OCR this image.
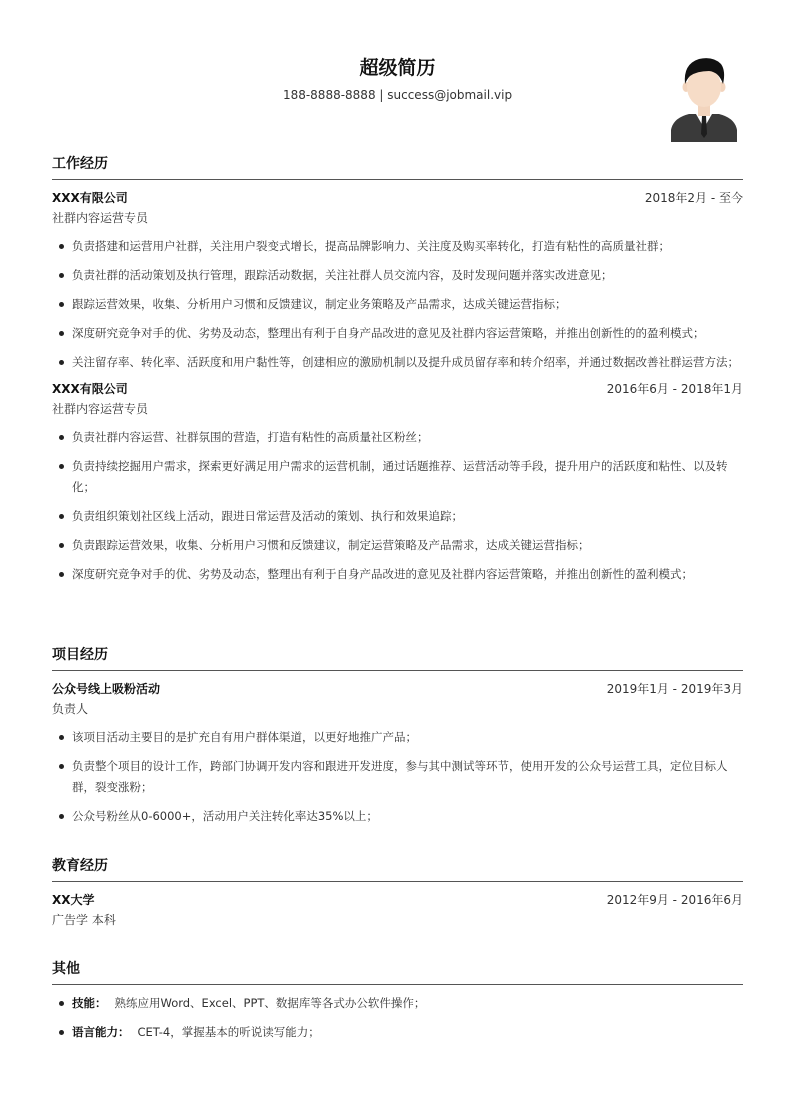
超级简历
188-8888-8888 | success@jobmail.vip
工作经历
XXX有限公司	2018年2月 - 至今
社群内容运营专员
负责搭建和运营用户社群，关注用户裂变式增长，提高品牌影响力、关注度及购买率转化，打造有粘性的高质量社群；
负责社群的活动策划及执行管理，跟踪活动数据，关注社群人员交流内容，及时发现问题并落实改进意见；
跟踪运营效果，收集、分析用户习惯和反馈建议，制定业务策略及产品需求，达成关键运营指标；
深度研究竞争对手的优、劣势及动态，整理出有利于自身产品改进的意见及社群内容运营策略，并推出创新性的的盈利模式；
关注留存率、转化率、活跃度和用户黏性等，创建相应的激励机制以及提升成员留存率和转介绍率，并通过数据改善社群运营方法；
XXX有限公司	2016年6月 - 2018年1月
社群内容运营专员
负责社群内容运营、社群氛围的营造，打造有粘性的高质量社区粉丝；
负责持续挖掘用户需求，探索更好满足用户需求的运营机制，通过话题推荐、运营活动等手段，提升用户的活跃度和粘性、以及转化；
负责组织策划社区线上活动，跟进日常运营及活动的策划、执行和效果追踪；
负责跟踪运营效果，收集、分析用户习惯和反馈建议，制定运营策略及产品需求，达成关键运营指标；
深度研究竞争对手的优、劣势及动态，整理出有利于自身产品改进的意见及社群内容运营策略，并推出创新性的盈利模式；
项目经历
公众号线上吸粉活动	2019年1月 - 2019年3月
负责人
该项目活动主要目的是扩充自有用户群体渠道，以更好地推广产品；
负责整个项目的设计工作，跨部门协调开发内容和跟进开发进度，参与其中测试等环节，使用开发的公众号运营工具，定位目标人群，裂变涨粉；
公众号粉丝从0-6000+，活动用户关注转化率达35%以上；
教育经历
XX大学	2012年9月 - 2016年6月
广告学 本科
其他
技能： 熟练应用Word、Excel、PPT、数据库等各式办公软件操作；
语言能力： CET-4，掌握基本的听说读写能力；
